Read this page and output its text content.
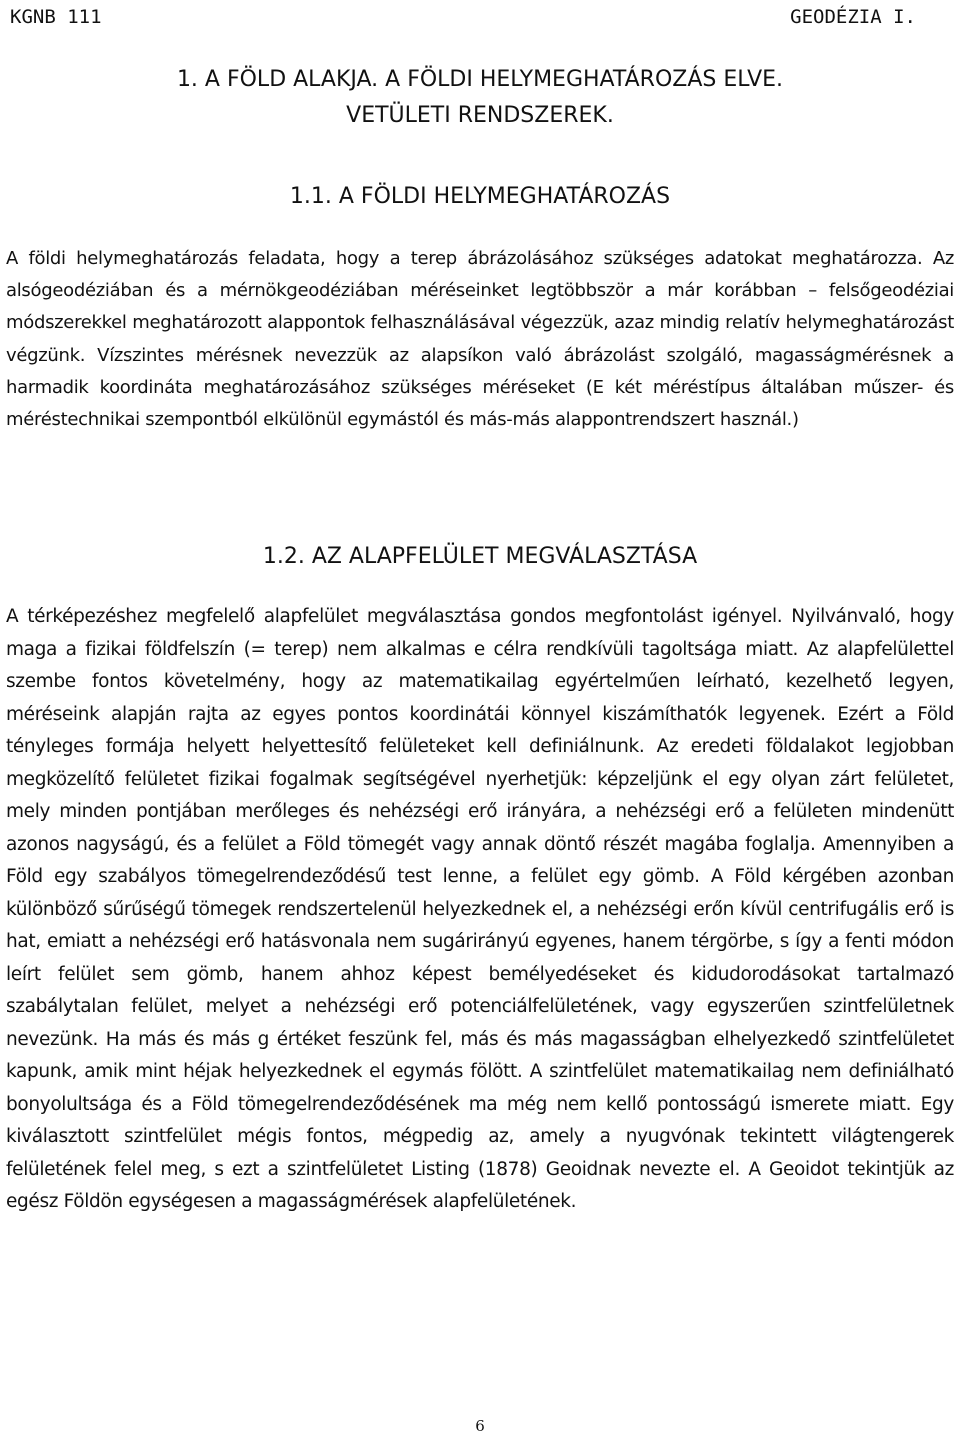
KGNB 111	GEODÉZIA I.
1. A FÖLD ALAKJA. A FÖLDI HELYMEGHATÁROZÁS ELVE.
VETÜLETI RENDSZEREK.
1.1. A FÖLDI HELYMEGHATÁROZÁS

A földi helymeghatározás feladata, hogy a terep ábrázolásához szükséges adatokat meghatározza. Az alsógeodéziában és a mérnökgeodéziában méréseinket legtöbbször a már korábban – felsőgeodéziai módszerekkel meghatározott alappontok felhasználásával végezzük, azaz mindig relatív helymeghatározást végzünk. Vízszintes mérésnek nevezzük az alapsíkon való ábrázolást szolgáló, magasságmérésnek a harmadik koordináta meghatározásához szükséges méréseket (E két méréstípus általában műszer- és méréstechnikai szempontból elkülönül egymástól és más-más alappontrendszert használ.)

1.2. AZ ALAPFELÜLET MEGVÁLASZTÁSA

A térképezéshez megfelelő alapfelület megválasztása gondos megfontolást igényel. Nyilvánvaló, hogy maga a fizikai földfelszín (= terep) nem alkalmas e célra rendkívüli tagoltsága miatt. Az alapfelülettel szembe fontos követelmény, hogy az matematikailag egyértelműen leírható, kezelhető legyen, méréseink alapján rajta az egyes pontos koordinátái könnyel kiszámíthatók legyenek. Ezért a Föld tényleges formája helyett helyettesítő felületeket kell definiálnunk. Az eredeti földalakot legjobban megközelítő felületet fizikai fogalmak segítségével nyerhetjük: képzeljünk el egy olyan zárt felületet, mely minden pontjában merőleges és nehézségi erő irányára, a nehézségi erő a felületen mindenütt azonos nagyságú, és a felület a Föld tömegét vagy annak döntő részét magába foglalja. Amennyiben a Föld egy szabályos tömegelrendeződésű test lenne, a felület egy gömb. A Föld kérgében azonban különböző sűrűségű tömegek rendszertelenül helyezkednek el, a nehézségi erőn kívül centrifugális erő is hat, emiatt a nehézségi erő hatásvonala nem sugárirányú egyenes, hanem térgörbe, s így a fenti módon leírt felület sem gömb, hanem ahhoz képest bemélyedéseket és kidudorodásokat tartalmazó szabálytalan felület, melyet a nehézségi erő potenciálfelületének, vagy egyszerűen szintfelületnek nevezünk. Ha más és más g értéket feszünk fel, más és más magasságban elhelyezkedő szintfelületet kapunk, amik mint héjak helyezkednek el egymás fölött. A szintfelület matematikailag nem definiálható bonyolultsága és a Föld tömegelrendeződésének ma még nem kellő pontosságú ismerete miatt. Egy kiválasztott szintfelület mégis fontos, mégpedig az, amely a nyugvónak tekintett világtengerek felületének felel meg, s ezt a szintfelületet Listing (1878) Geoidnak nevezte el. A Geoidot tekintjük az egész Földön egységesen a magasságmérések alapfelületének.

6
